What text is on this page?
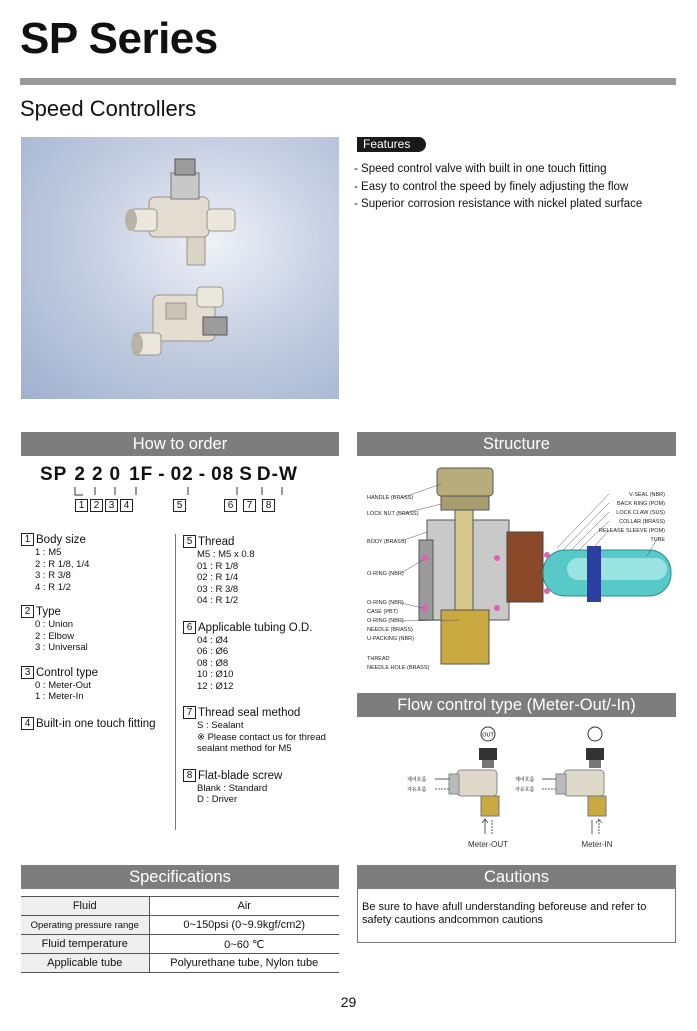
SP Series
Speed Controllers
Features
- Speed control valve with built in one touch fitting
- Easy to control the speed by finely adjusting the flow
- Superior corrosion resistance with nickel plated surface
How to order
SP 2 2 0 1F - 02 - 08 S D-W
1 2 3 4	5	6 7 8
1 Body size
1 : M5
2 : R 1/8, 1/4
3 : R 3/8
4 : R 1/2
2 Type
0 : Union
2 : Elbow
3 : Universal
3 Control type
0 : Meter-Out
1 : Meter-In
4 Built-in one touch fitting
5 Thread
M5 : M5 x 0.8
01 : R 1/8
02 : R 1/4
03 : R 3/8
04 : R 1/2
6 Applicable tubing O.D.
04 : Ø4
06 : Ø6
08 : Ø8
10 : Ø10
12 : Ø12
7 Thread seal method
S : Sealant
※ Please contact us for thread
sealant method for M5
8 Flat-blade screw
Blank : Standard
D : Driver
Structure
HANDLE (BRASS)
LOCK NUT (BRASS)
BODY (BRASS)
O-RING (NBR)
O-RING (NBR)
CASE (PBT)
O-RING (NBR)
NEEDLE (BRASS)
U-PACKING (NBR)
THREAD
NEEDLE HOLE (BRASS)
V-SEAL (NBR)
BACK RING (POM)
LOCK CLAW (SUS)
COLLAR (BRASS)
RELEASE SLEEVE (POM)
TUBE
Flow control type (Meter-Out/-In)
OUT
제어흐름
자유흐름
Meter-OUT
제어흐름
자유흐름
Meter-IN
Specifications
Fluid	Air
Operating pressure range	0~150psi (0~9.9kgf/cm2)
Fluid temperature	0~60 ℃
Applicable tube	Polyurethane tube, Nylon tube
Cautions
Be sure to have afull understanding beforeuse and refer to safety cautions andcommon cautions
29
